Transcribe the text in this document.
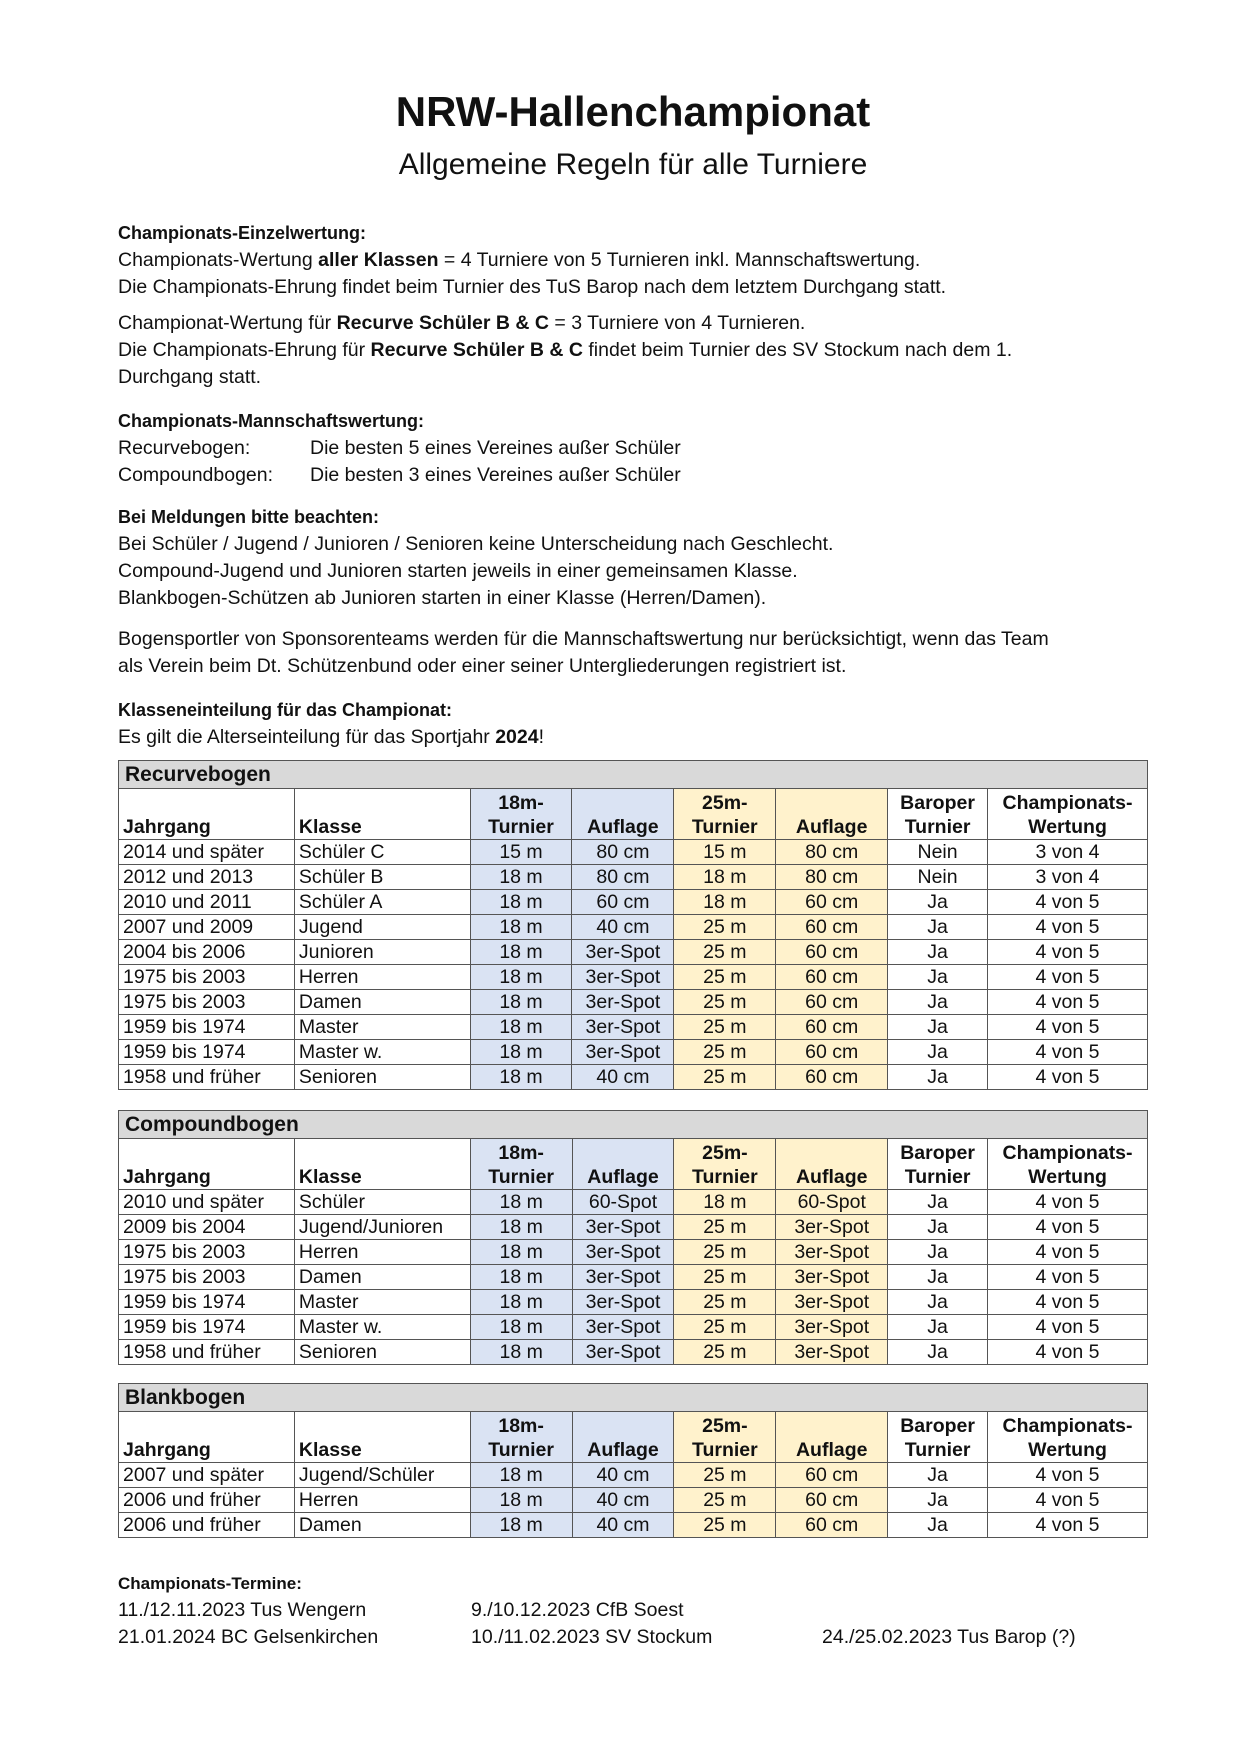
NRW-Hallenchampionat
Allgemeine Regeln für alle Turniere

Championats-Einzelwertung:

Championats-Wertung aller Klassen = 4 Turniere von 5 Turnieren inkl. Mannschaftswertung.

Die Championats-Ehrung findet beim Turnier des TuS Barop nach dem letztem Durchgang statt.

Championat-Wertung für Recurve Schüler B & C = 3 Turniere von 4 Turnieren.

Die Championats-Ehrung für Recurve Schüler B & C findet beim Turnier des SV Stockum nach dem 1.

Durchgang statt.

Championats-Mannschaftswertung:

Recurvebogen:	Die besten 5 eines Vereines außer Schüler

Compoundbogen: Die besten 3 eines Vereines außer Schüler

Bei Meldungen bitte beachten:

Bei Schüler / Jugend / Junioren / Senioren keine Unterscheidung nach Geschlecht.

Compound-Jugend und Junioren starten jeweils in einer gemeinsamen Klasse.

Blankbogen-Schützen ab Junioren starten in einer Klasse (Herren/Damen).

Bogensportler von Sponsorenteams werden für die Mannschaftswertung nur berücksichtigt, wenn das Team

als Verein beim Dt. Schützenbund oder einer seiner Untergliederungen registriert ist.

Klasseneinteilung für das Championat:

Es gilt die Alterseinteilung für das Sportjahr 2024!

Recurvebogen							
Jahrgang	Klasse	18m-
Turnier	Auflage	25m-
Turnier	Auflage	Baroper
Turnier	Championats-
Wertung
2014 und später	Schüler C	15 m	80 cm	15 m	80 cm	Nein	3 von 4
2012 und 2013	Schüler B	18 m	80 cm	18 m	80 cm	Nein	3 von 4
2010 und 2011	Schüler A	18 m	60 cm	18 m	60 cm	Ja	4 von 5
2007 und 2009	Jugend	18 m	40 cm	25 m	60 cm	Ja	4 von 5
2004 bis 2006	Junioren	18 m	3er-Spot	25 m	60 cm	Ja	4 von 5
1975 bis 2003	Herren	18 m	3er-Spot	25 m	60 cm	Ja	4 von 5
1975 bis 2003	Damen	18 m	3er-Spot	25 m	60 cm	Ja	4 von 5
1959 bis 1974	Master	18 m	3er-Spot	25 m	60 cm	Ja	4 von 5
1959 bis 1974	Master w.	18 m	3er-Spot	25 m	60 cm	Ja	4 von 5
1958 und früher	Senioren	18 m	40 cm	25 m	60 cm	Ja	4 von 5
Compoundbogen							
Jahrgang	Klasse	18m-
Turnier	Auflage	25m-
Turnier	Auflage	Baroper
Turnier	Championats-
Wertung
2010 und später	Schüler	18 m	60-Spot	18 m	60-Spot	Ja	4 von 5
2009 bis 2004	Jugend/Junioren	18 m	3er-Spot	25 m	3er-Spot	Ja	4 von 5
1975 bis 2003	Herren	18 m	3er-Spot	25 m	3er-Spot	Ja	4 von 5
1975 bis 2003	Damen	18 m	3er-Spot	25 m	3er-Spot	Ja	4 von 5
1959 bis 1974	Master	18 m	3er-Spot	25 m	3er-Spot	Ja	4 von 5
1959 bis 1974	Master w.	18 m	3er-Spot	25 m	3er-Spot	Ja	4 von 5
1958 und früher	Senioren	18 m	3er-Spot	25 m	3er-Spot	Ja	4 von 5
Blankbogen							
Jahrgang	Klasse	18m-
Turnier	Auflage	25m-
Turnier	Auflage	Baroper
Turnier	Championats-
Wertung
2007 und später	Jugend/Schüler	18 m	40 cm	25 m	60 cm	Ja	4 von 5
2006 und früher	Herren	18 m	40 cm	25 m	60 cm	Ja	4 von 5
2006 und früher	Damen	18 m	40 cm	25 m	60 cm	Ja	4 von 5
Championats-Termine:
11./12.11.2023 Tus Wengern	9./10.12.2023 CfB Soest
21.01.2024 BC Gelsenkirchen	10./11.02.2023 SV Stockum	24./25.02.2023 Tus Barop (?)
